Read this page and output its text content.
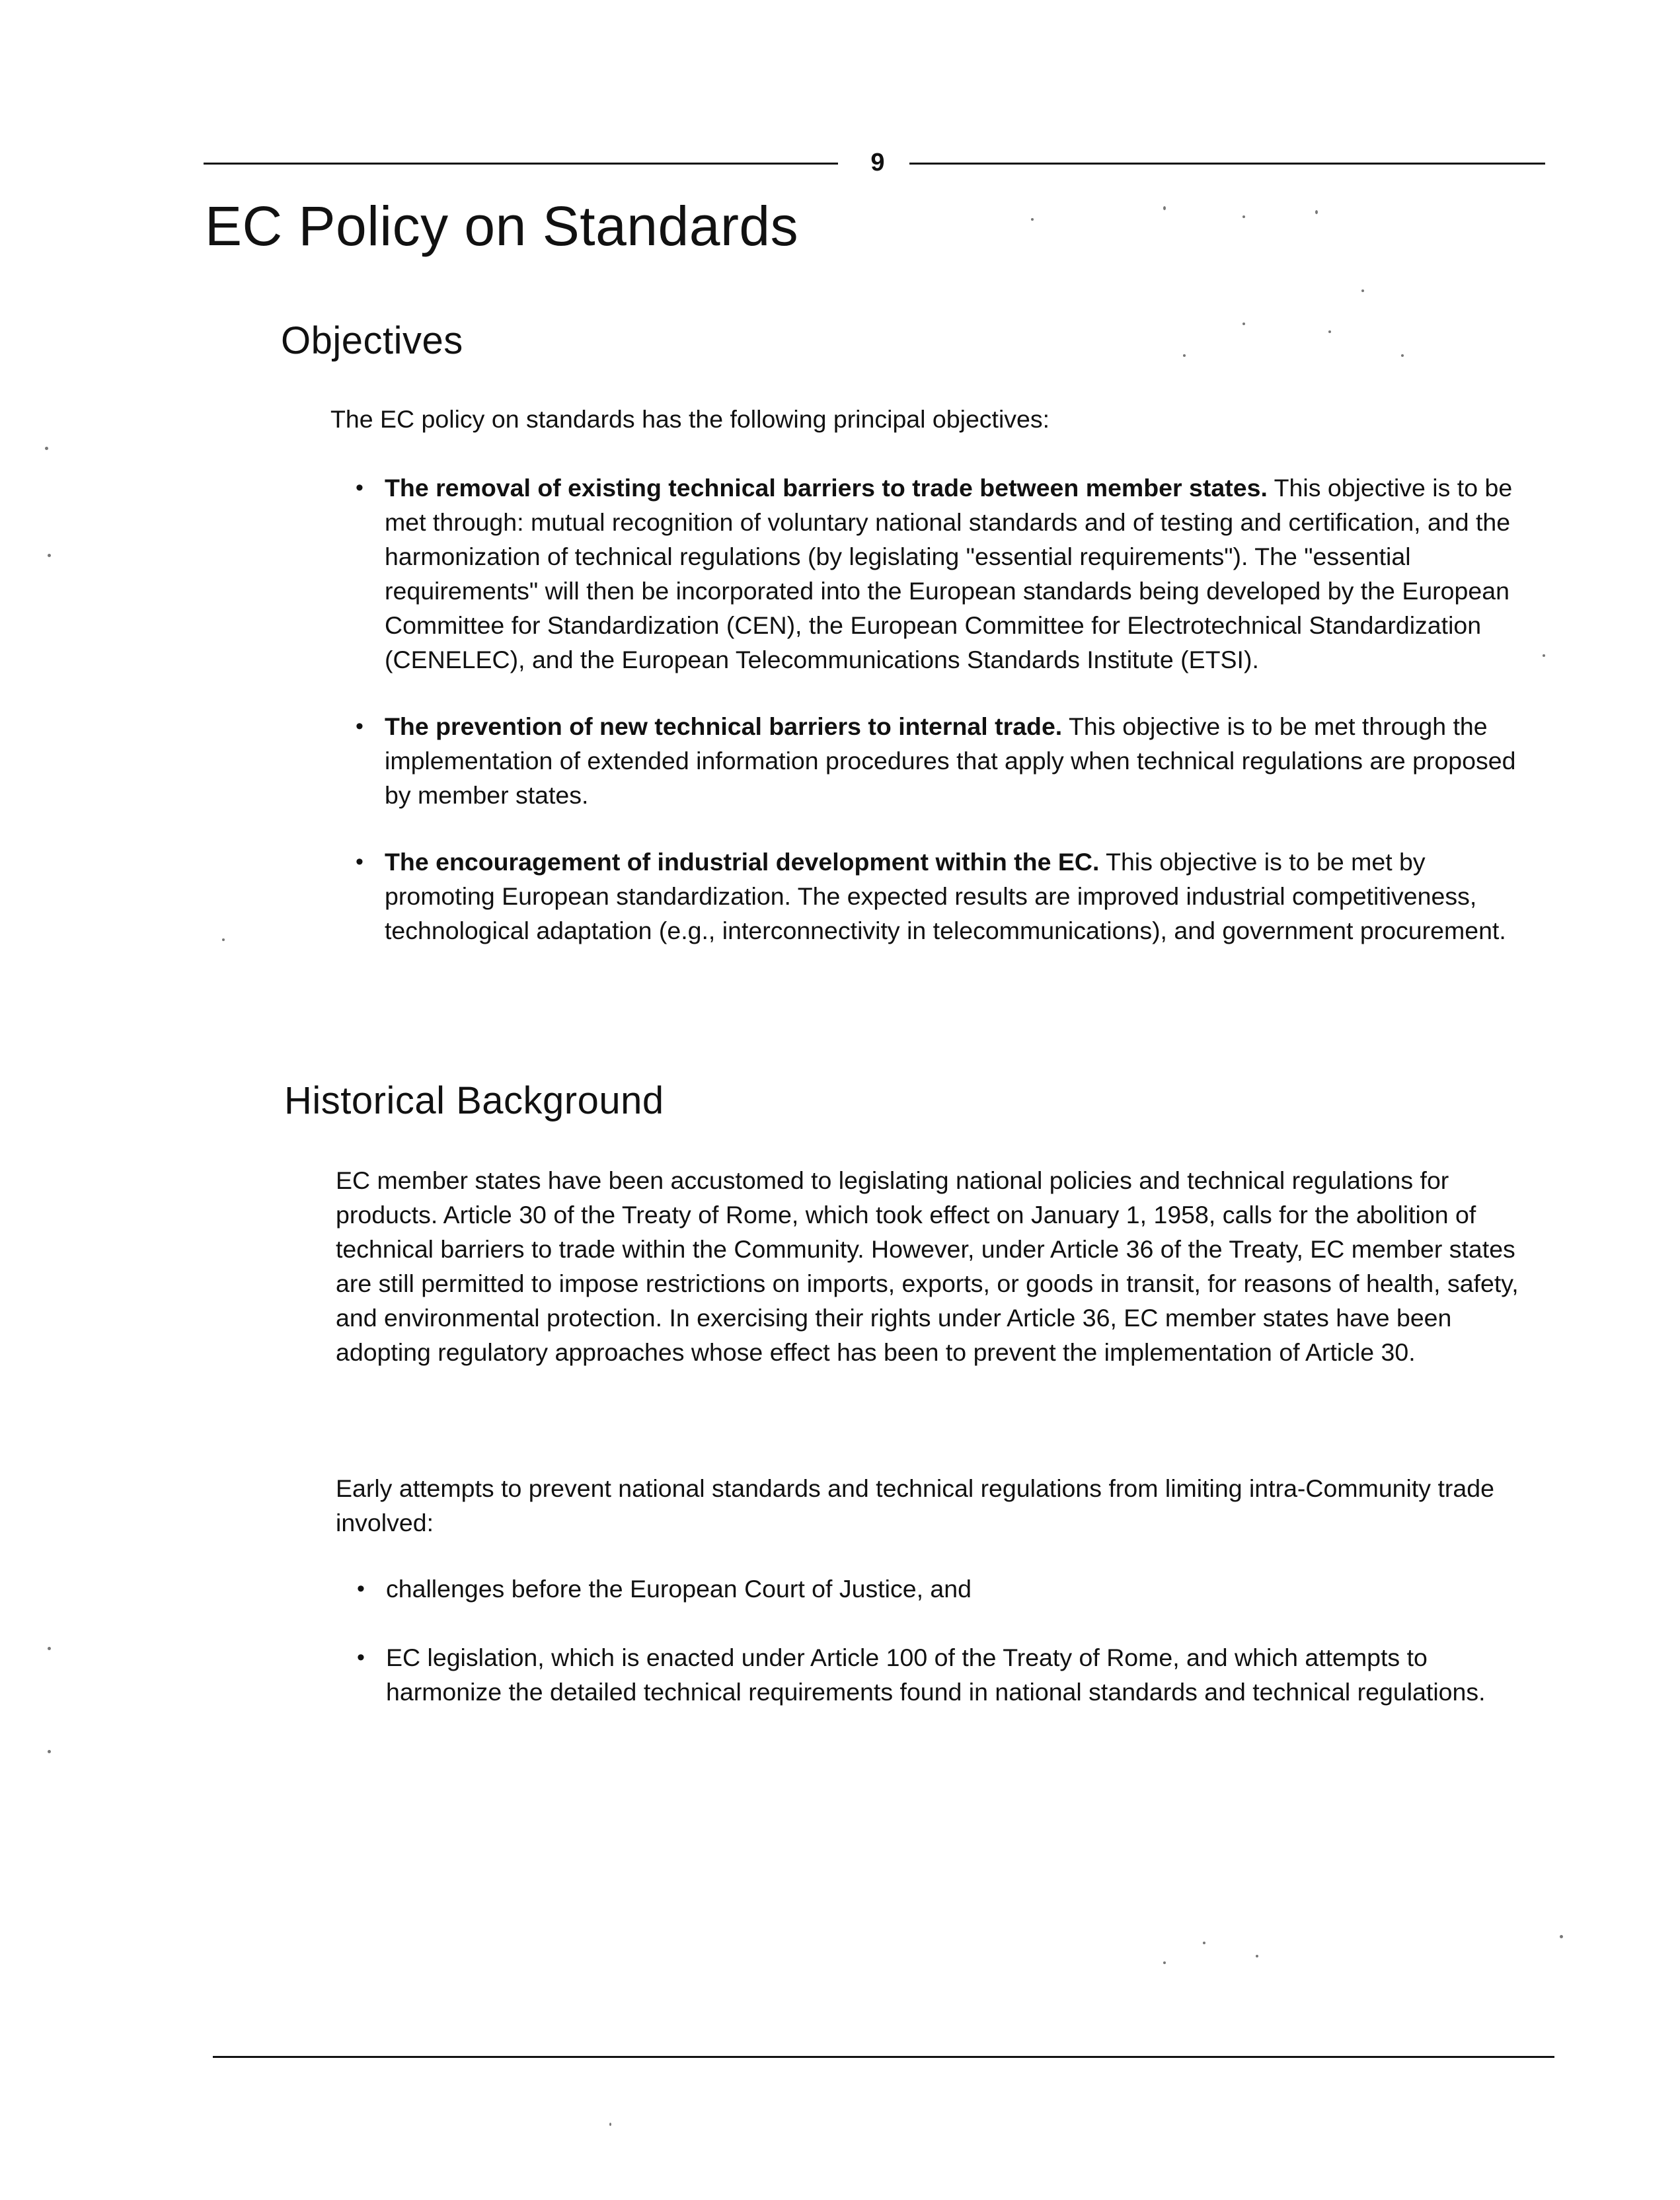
9
EC Policy on Standards
Objectives

The EC policy on standards has the following principal objectives:

• The removal of existing technical barriers to trade between member states. This objective is to be met through: mutual recognition of voluntary national standards and of testing and certification, and the harmonization of technical regulations (by legislating "essential requirements"). The "essential requirements" will then be incorporated into the European standards being developed by the European Committee for Standardization (CEN), the European Committee for Electrotechnical Standardization (CENELEC), and the European Telecommunications Standards Institute (ETSI).
• The prevention of new technical barriers to internal trade. This objective is to be met through the implementation of extended information procedures that apply when technical regulations are proposed by member states.
• The encouragement of industrial development within the EC. This objective is to be met by promoting European standardization. The expected results are improved industrial competitiveness, technological adaptation (e.g., interconnectivity in telecommunications), and government procurement.
Historical Background

EC member states have been accustomed to legislating national policies and technical regulations for products. Article 30 of the Treaty of Rome, which took effect on January 1, 1958, calls for the abolition of technical barriers to trade within the Community. However, under Article 36 of the Treaty, EC member states are still permitted to impose restrictions on imports, exports, or goods in transit, for reasons of health, safety, and environmental protection. In exercising their rights under Article 36, EC member states have been adopting regulatory approaches whose effect has been to prevent the implementation of Article 30.

Early attempts to prevent national standards and technical regulations from limiting intra-Community trade involved:

• challenges before the European Court of Justice, and
• EC legislation, which is enacted under Article 100 of the Treaty of Rome, and which attempts to harmonize the detailed technical requirements found in national standards and technical regulations.
